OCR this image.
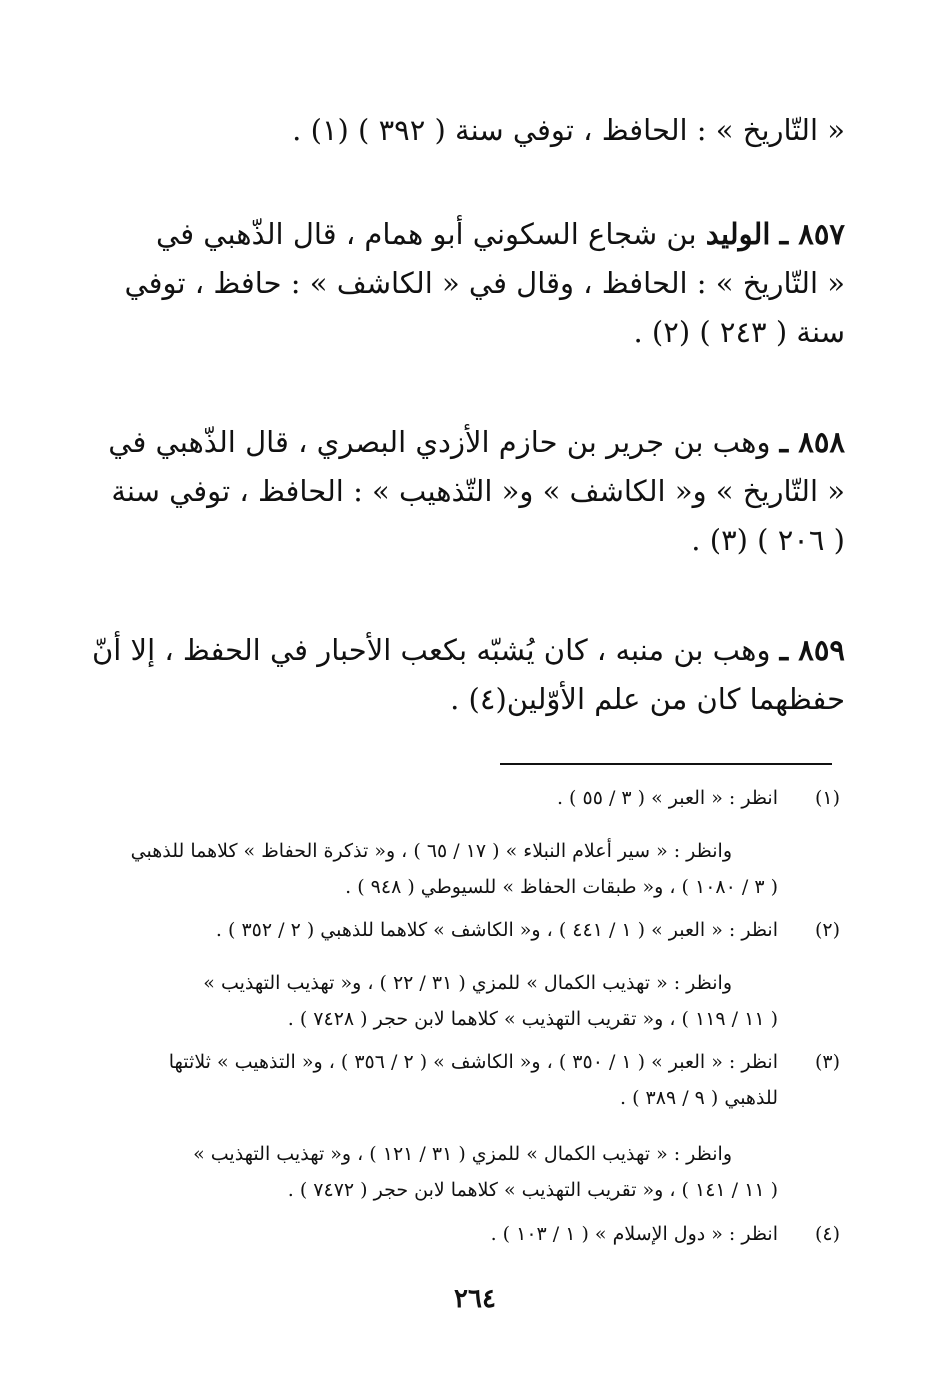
« التّاريخ » : الحافظ ، توفي سنة ( ٣٩٢ ) (١) .
٨٥٧ ـ الوليد بن شجاع السكوني أبو همام ، قال الذّهبي في
« التّاريخ » : الحافظ ، وقال في « الكاشف » : حافظ ، توفي
سنة ( ٢٤٣ ) (٢) .
٨٥٨ ـ وهب بن جرير بن حازم الأزدي البصري ، قال الذّهبي في
« التّاريخ » و« الكاشف » و« التّذهيب » : الحافظ ، توفي سنة
( ٢٠٦ ) (٣) .
٨٥٩ ـ وهب بن منبه ، كان يُشبّه بكعب الأحبار في الحفظ ، إلا أنّ
حفظهما كان من علم الأوّلين(٤) .
(١)
انظر : « العبر » ( ٣ / ٥٥ ) .
وانظر : « سير أعلام النبلاء » ( ١٧ / ٦٥ ) ، و« تذكرة الحفاظ » كلاهما للذهبي
( ٣ / ١٠٨٠ ) ، و« طبقات الحفاظ » للسيوطي ( ٩٤٨ ) .
(٢)
انظر : « العبر » ( ١ / ٤٤١ ) ، و« الكاشف » كلاهما للذهبي ( ٢ / ٣٥٢ ) .
وانظر : « تهذيب الكمال » للمزي ( ٣١ / ٢٢ ) ، و« تهذيب التهذيب »
( ١١ / ١١٩ ) ، و« تقريب التهذيب » كلاهما لابن حجر ( ٧٤٢٨ ) .
(٣)
انظر : « العبر » ( ١ / ٣٥٠ ) ، و« الكاشف » ( ٢ / ٣٥٦ ) ، و« التذهيب » ثلاثتها
للذهبي ( ٩ / ٣٨٩ ) .
وانظر : « تهذيب الكمال » للمزي ( ٣١ / ١٢١ ) ، و« تهذيب التهذيب »
( ١١ / ١٤١ ) ، و« تقريب التهذيب » كلاهما لابن حجر ( ٧٤٧٢ ) .
(٤)
انظر : « دول الإسلام » ( ١ / ١٠٣ ) .
٢٦٤
